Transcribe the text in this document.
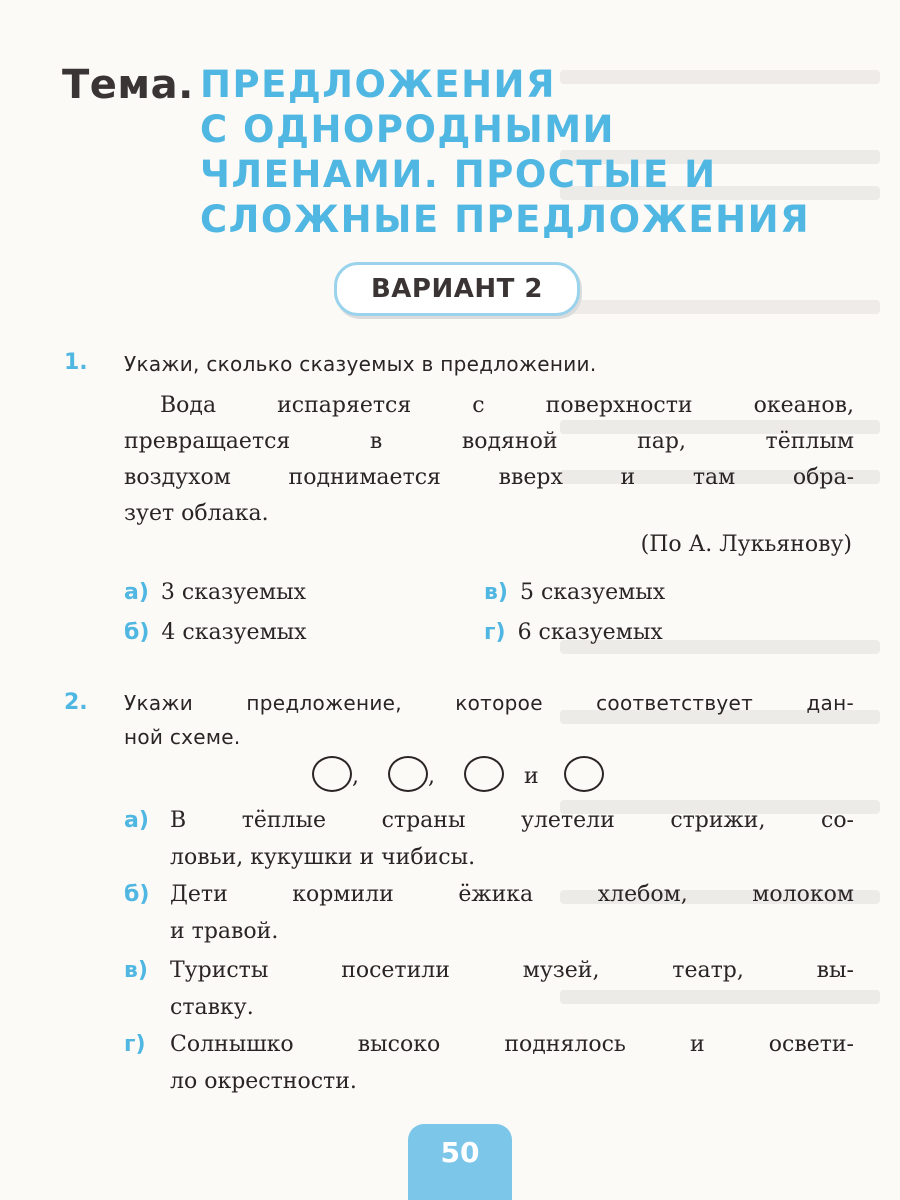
Тема. ПРЕДЛОЖЕНИЯ
С ОДНОРОДНЫМИ
ЧЛЕНАМИ. ПРОСТЫЕ И
СЛОЖНЫЕ ПРЕДЛОЖЕНИЯ
ВАРИАНТ 2
1. Укажи, сколько сказуемых в предложении.
Вода испаряется с поверхности океанов,
превращается в водяной пар, тёплым
воздухом поднимается вверх и там обра-
зует облака.
(По А. Лукьянову)
а) 3 сказуемых
б) 4 сказуемых
в) 5 сказуемых
г) 6 сказуемых
2. Укажи предложение, которое соответствует дан-
ной схеме.
,	,	и
а) В тёплые страны улетели стрижи, со-
ловьи, кукушки и чибисы.
б) Дети кормили ёжика хлебом, молоком
и травой.
в) Туристы посетили музей, театр, вы-
ставку.
г) Солнышко высоко поднялось и освети-
ло окрестности.
50
